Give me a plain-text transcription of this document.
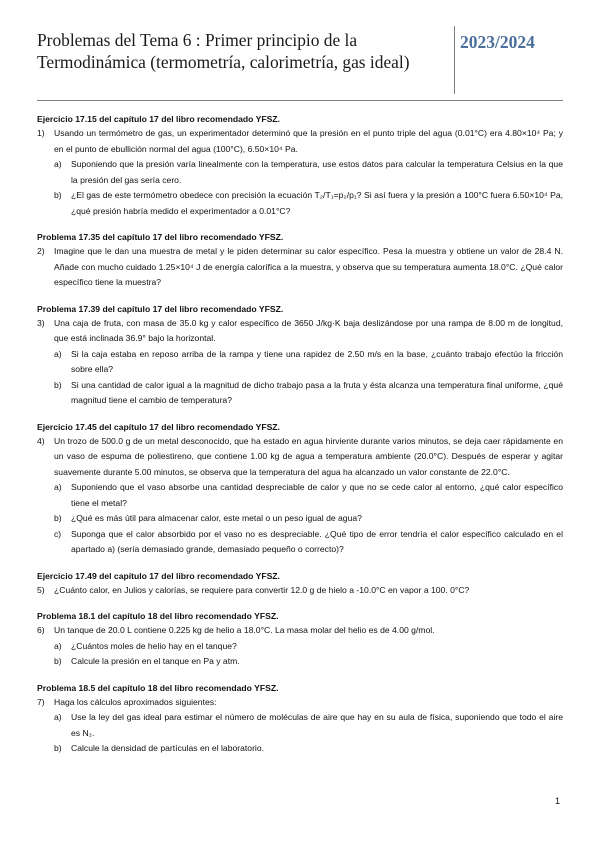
Problemas del Tema 6 : Primer principio de la Termodinámica (termometría, calorimetría, gas ideal)
2023/2024
Ejercicio 17.15 del capítulo 17 del libro recomendado YFSZ.
1) Usando un termómetro de gas, un experimentador determinó que la presión en el punto triple del agua (0.01°C) era 4.80×10⁴ Pa; y en el punto de ebullición normal del agua (100°C), 6.50×10⁴ Pa.
a) Suponiendo que la presión varía linealmente con la temperatura, use estos datos para calcular la temperatura Celsius en la que la presión del gas sería cero.
b) ¿El gas de este termómetro obedece con precisión la ecuación T₂/T₁=p₂/p₁? Si así fuera y la presión a 100°C fuera 6.50×10⁴ Pa, ¿qué presión habría medido el experimentador a 0.01°C?
Problema 17.35 del capítulo 17 del libro recomendado YFSZ.
2) Imagine que le dan una muestra de metal y le piden determinar su calor específico. Pesa la muestra y obtiene un valor de 28.4 N. Añade con mucho cuidado 1.25×10⁴ J de energía calorífica a la muestra, y observa que su temperatura aumenta 18.0°C. ¿Qué calor específico tiene la muestra?
Problema 17.39 del capítulo 17 del libro recomendado YFSZ.
3) Una caja de fruta, con masa de 35.0 kg y calor específico de 3650 J/kg·K baja deslizándose por una rampa de 8.00 m de longitud, que está inclinada 36.9° bajo la horizontal.
a) Si la caja estaba en reposo arriba de la rampa y tiene una rapidez de 2.50 m/s en la base, ¿cuánto trabajo efectúo la fricción sobre ella?
b) Si una cantidad de calor igual a la magnitud de dicho trabajo pasa a la fruta y ésta alcanza una temperatura final uniforme, ¿qué magnitud tiene el cambio de temperatura?
Ejercicio 17.45 del capítulo 17 del libro recomendado YFSZ.
4) Un trozo de 500.0 g de un metal desconocido, que ha estado en agua hirviente durante varios minutos, se deja caer rápidamente en un vaso de espuma de poliestireno, que contiene 1.00 kg de agua a temperatura ambiente (20.0°C). Después de esperar y agitar suavemente durante 5.00 minutos, se observa que la temperatura del agua ha alcanzado un valor constante de 22.0°C.
a) Suponiendo que el vaso absorbe una cantidad despreciable de calor y que no se cede calor al entorno, ¿qué calor específico tiene el metal?
b) ¿Qué es más útil para almacenar calor, este metal o un peso igual de agua?
c) Suponga que el calor absorbido por el vaso no es despreciable. ¿Qué tipo de error tendría el calor específico calculado en el apartado a) (sería demasiado grande, demasiado pequeño o correcto)?
Ejercicio 17.49 del capítulo 17 del libro recomendado YFSZ.
5) ¿Cuánto calor, en Julios y calorías, se requiere para convertir 12.0 g de hielo a -10.0°C en vapor a 100. 0°C?
Problema 18.1 del capítulo 18 del libro recomendado YFSZ.
6) Un tanque de 20.0 L contiene 0.225 kg de helio a 18.0°C. La masa molar del helio es de 4.00 g/mol.
a) ¿Cuántos moles de helio hay en el tanque?
b) Calcule la presión en el tanque en Pa y atm.
Problema 18.5 del capítulo 18 del libro recomendado YFSZ.
7) Haga los cálculos aproximados siguientes:
a) Use la ley del gas ideal para estimar el número de moléculas de aire que hay en su aula de física, suponiendo que todo el aire es N₂.
b) Calcule la densidad de partículas en el laboratorio.
1
